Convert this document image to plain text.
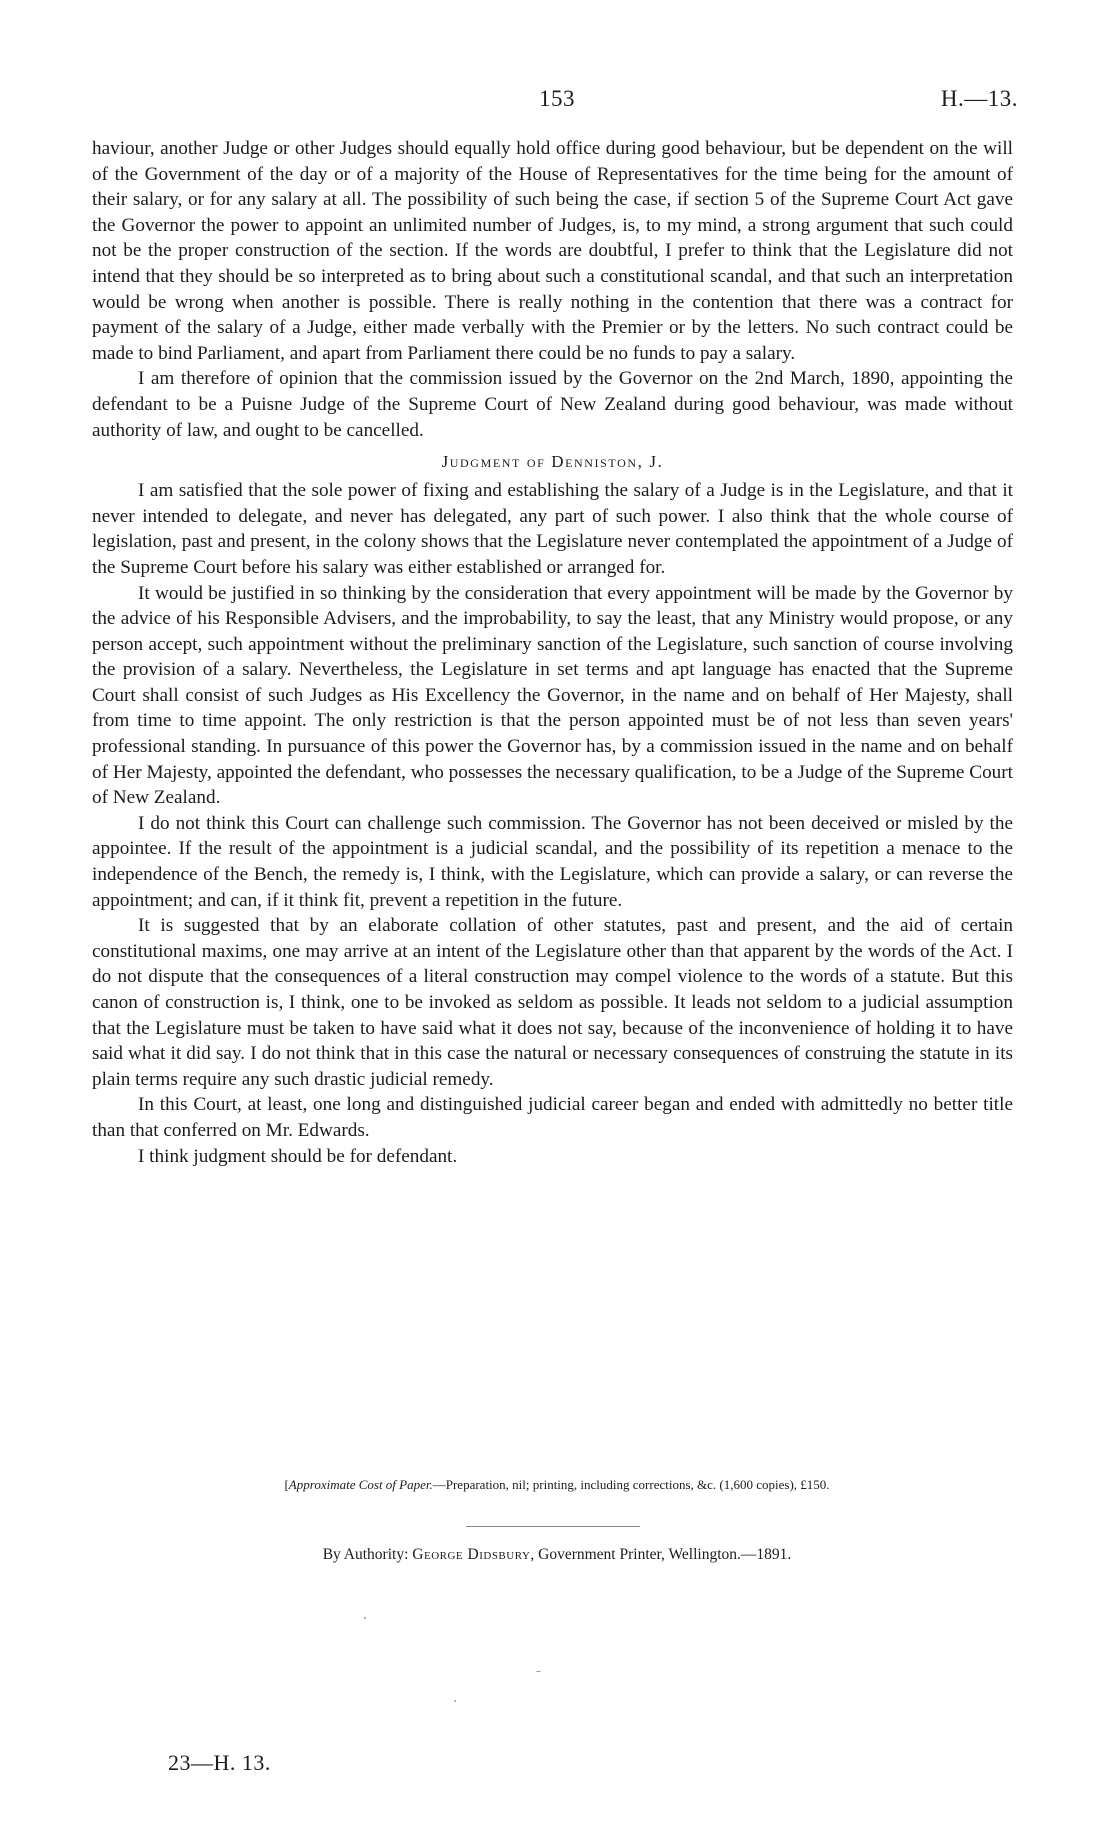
153	H.—13.

haviour, another Judge or other Judges should equally hold office during good behaviour, but be dependent on the will of the Government of the day or of a majority of the House of Representatives for the time being for the amount of their salary, or for any salary at all. The possibility of such being the case, if section 5 of the Supreme Court Act gave the Governor the power to appoint an unlimited number of Judges, is, to my mind, a strong argument that such could not be the proper construction of the section. If the words are doubtful, I prefer to think that the Legislature did not intend that they should be so interpreted as to bring about such a constitutional scandal, and that such an interpretation would be wrong when another is possible. There is really nothing in the contention that there was a contract for payment of the salary of a Judge, either made verbally with the Premier or by the letters. No such contract could be made to bind Parliament, and apart from Parliament there could be no funds to pay a salary.

I am therefore of opinion that the commission issued by the Governor on the 2nd March, 1890, appointing the defendant to be a Puisne Judge of the Supreme Court of New Zealand during good behaviour, was made without authority of law, and ought to be cancelled.

Judgment of Denniston, J.

I am satisfied that the sole power of fixing and establishing the salary of a Judge is in the Legislature, and that it never intended to delegate, and never has delegated, any part of such power. I also think that the whole course of legislation, past and present, in the colony shows that the Legislature never contemplated the appointment of a Judge of the Supreme Court before his salary was either established or arranged for.

It would be justified in so thinking by the consideration that every appointment will be made by the Governor by the advice of his Responsible Advisers, and the improbability, to say the least, that any Ministry would propose, or any person accept, such appointment without the preliminary sanction of the Legislature, such sanction of course involving the provision of a salary. Nevertheless, the Legislature in set terms and apt language has enacted that the Supreme Court shall consist of such Judges as His Excellency the Governor, in the name and on behalf of Her Majesty, shall from time to time appoint. The only restriction is that the person appointed must be of not less than seven years' professional standing. In pursuance of this power the Governor has, by a commission issued in the name and on behalf of Her Majesty, appointed the defendant, who possesses the necessary qualification, to be a Judge of the Supreme Court of New Zealand.

I do not think this Court can challenge such commission. The Governor has not been deceived or misled by the appointee. If the result of the appointment is a judicial scandal, and the possibility of its repetition a menace to the independence of the Bench, the remedy is, I think, with the Legislature, which can provide a salary, or can reverse the appointment; and can, if it think fit, prevent a repetition in the future.

It is suggested that by an elaborate collation of other statutes, past and present, and the aid of certain constitutional maxims, one may arrive at an intent of the Legislature other than that apparent by the words of the Act. I do not dispute that the consequences of a literal construction may compel violence to the words of a statute. But this canon of construction is, I think, one to be invoked as seldom as possible. It leads not seldom to a judicial assumption that the Legislature must be taken to have said what it does not say, because of the inconvenience of holding it to have said what it did say. I do not think that in this case the natural or necessary consequences of construing the statute in its plain terms require any such drastic judicial remedy.

In this Court, at least, one long and distinguished judicial career began and ended with admittedly no better title than that conferred on Mr. Edwards.

I think judgment should be for defendant.

[Approximate Cost of Paper.—Preparation, nil; printing, including corrections, &c. (1,600 copies), £150.
By Authority: George Didsbury, Government Printer, Wellington.—1891.
23—H. 13.
